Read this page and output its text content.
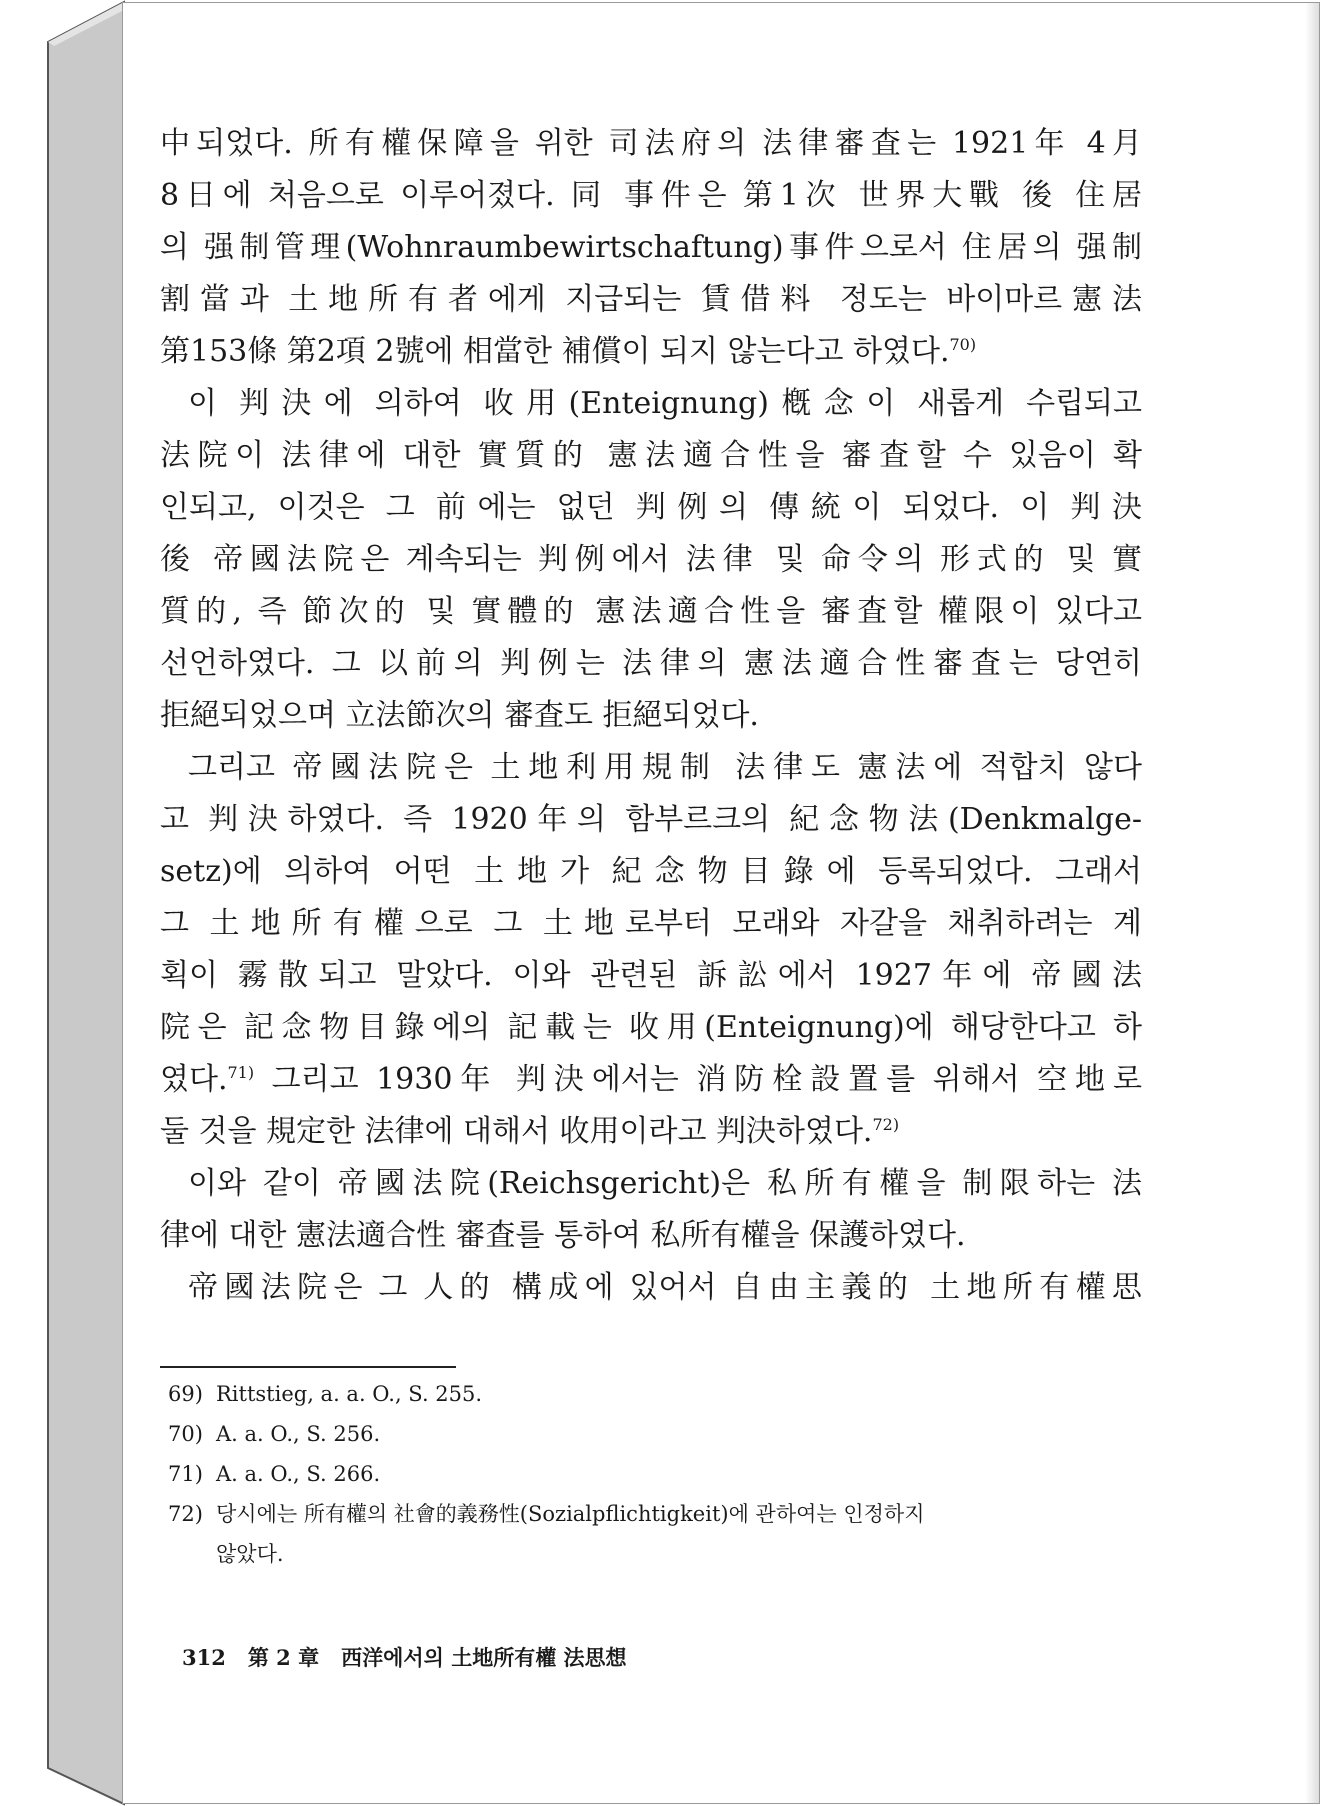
中되었다. 所有權保障을 위한 司法府의 法律審査는 1921年 4月

8日에 처음으로 이루어졌다. 同 事件은 第1次 世界大戰 後 住居

의 强制管理(Wohnraumbewirtschaftung)事件으로서 住居의 强制

割當과 土地所有者에게 지급되는 賃借料 정도는 바이마르憲法

第153條 第2項 2號에 相當한 補償이 되지 않는다고 하였다.$^{70)}$

이 判決에 의하여 收用(Enteignung)槪念이 새롭게 수립되고

法院이 法律에 대한 實質的 憲法適合性을 審査할 수 있음이 확

인되고, 이것은 그 前에는 없던 判例의 傳統이 되었다. 이 判決

後 帝國法院은 계속되는 判例에서 法律 및 命令의 形式的 및 實

質的, 즉 節次的 및 實體的 憲法適合性을 審査할 權限이 있다고

선언하였다. 그 以前의 判例는 法律의 憲法適合性審査는 당연히

拒絕되었으며 立法節次의 審査도 拒絕되었다.

그리고 帝國法院은 土地利用規制 法律도 憲法에 적합치 않다

고 判決하였다. 즉 1920年의 함부르크의 紀念物法(Denkmalge-

setz)에 의하여 어떤 土地가 紀念物目錄에 등록되었다. 그래서

그 土地所有權으로 그 土地로부터 모래와 자갈을 채취하려는 계

획이 霧散되고 말았다. 이와 관련된 訴訟에서 1927年에 帝國法

院은 記念物目錄에의 記載는 收用(Enteignung)에 해당한다고 하

였다.$^{71)}$ 그리고 1930年 判決에서는 消防栓設置를 위해서 空地로

둘 것을 規定한 法律에 대해서 收用이라고 判決하였다.$^{72)}$

이와 같이 帝國法院(Reichsgericht)은 私所有權을 制限하는 法

律에 대한 憲法適合性 審査를 통하여 私所有權을 保護하였다.

帝國法院은 그 人的 構成에 있어서 自由主義的 土地所有權思

69) Rittstieg, a. a. O., S. 255.
70) A. a. O., S. 256.
71) A. a. O., S. 266.
72) 당시에는 所有權의 社會的義務性(Sozialpflichtigkeit)에 관하여는 인정하지
않았다.
312 第 2 章 西洋에서의 土地所有權 法思想
